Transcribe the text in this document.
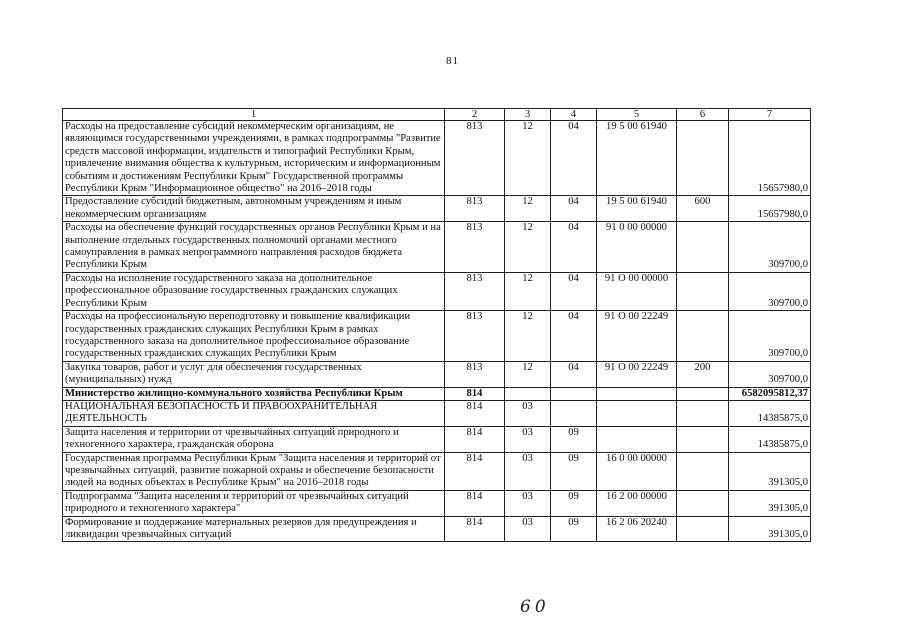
81
1	2	3	4	5	6	7
Расходы на предоставление субсидий некоммерческим организациям, не являющимся государственными учреждениями, в рамках подпрограммы "Развитие средств массовой информации, издательств и типографий Республики Крым, привлечение внимания общества к культурным, историческим и информационным событиям и достижениям Республики Крым" Государственной программы Республики Крым "Информационное общество" на 2016–2018 годы	813	12	04	19 5 00 61940		15657980,0
Предоставление субсидий бюджетным, автономным учреждениям и иным некоммерческим организациям	813	12	04	19 5 00 61940	600	15657980,0
Расходы на обеспечение функций государственных органов Республики Крым и на выполнение отдельных государственных полномочий органами местного самоуправления в рамках непрограммного направления расходов бюджета Республики Крым	813	12	04	91 0 00 00000		309700,0
Расходы на исполнение государственного заказа на дополнительное профессиональное образование государственных гражданских служащих Республики Крым	813	12	04	91 О 00 00000		309700,0
Расходы на профессиональную переподготовку и повышение квалификации государственных гражданских служащих Республики Крым в рамках государственного заказа на дополнительное профессиональное образование государственных гражданских служащих Республики Крым	813	12	04	91 О 00 22249		309700,0
Закупка товаров, работ и услуг для обеспечения государственных (муниципальных) нужд	813	12	04	91 О 00 22249	200	309700,0
Министерство жилищно-коммунального хозяйства Республики Крым	814					6582095812,37
НАЦИОНАЛЬНАЯ БЕЗОПАСНОСТЬ И ПРАВООХРАНИТЕЛЬНАЯ ДЕЯТЕЛЬНОСТЬ	814	03				14385875,0
Защита населения и территории от чрезвычайных ситуаций природного и техногенного характера, гражданская оборона	814	03	09			14385875,0
Государственная программа Республики Крым "Защита населения и территорий от чрезвычайных ситуаций, развитие пожарной охраны и обеспечение безопасности людей на водных объектах в Республике Крым" на 2016–2018 годы	814	03	09	16 0 00 00000		391305,0
Подпрограмма "Защита населения и территорий от чрезвычайных ситуаций природного и техногенного характера"	814	03	09	16 2 00 00000		391305,0
Формирование и поддержание материальных резервов для предупреждения и ликвидации чрезвычайных ситуаций	814	03	09	16 2 06 20240		391305,0
60
